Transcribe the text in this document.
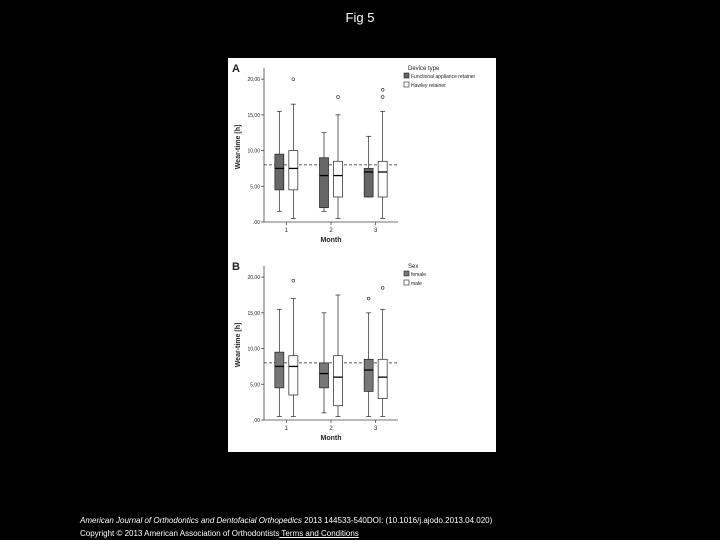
Fig 5
A
.00
5,00
10,00
15,00
20,00
Wear-time [h]
1	2	3
Month
Device type
Functional appliance retainer
Hawley retainer
B
,00
5,00
10,00
15,00
20,00
Wear-time [h]
1	2	3
Month
Sex
female
male
American Journal of Orthodontics and Dentofacial Orthopedics 2013 144533-540DOI: (10.1016/j.ajodo.2013.04.020)
Copyright © 2013 American Association of Orthodontists Terms and Conditions
